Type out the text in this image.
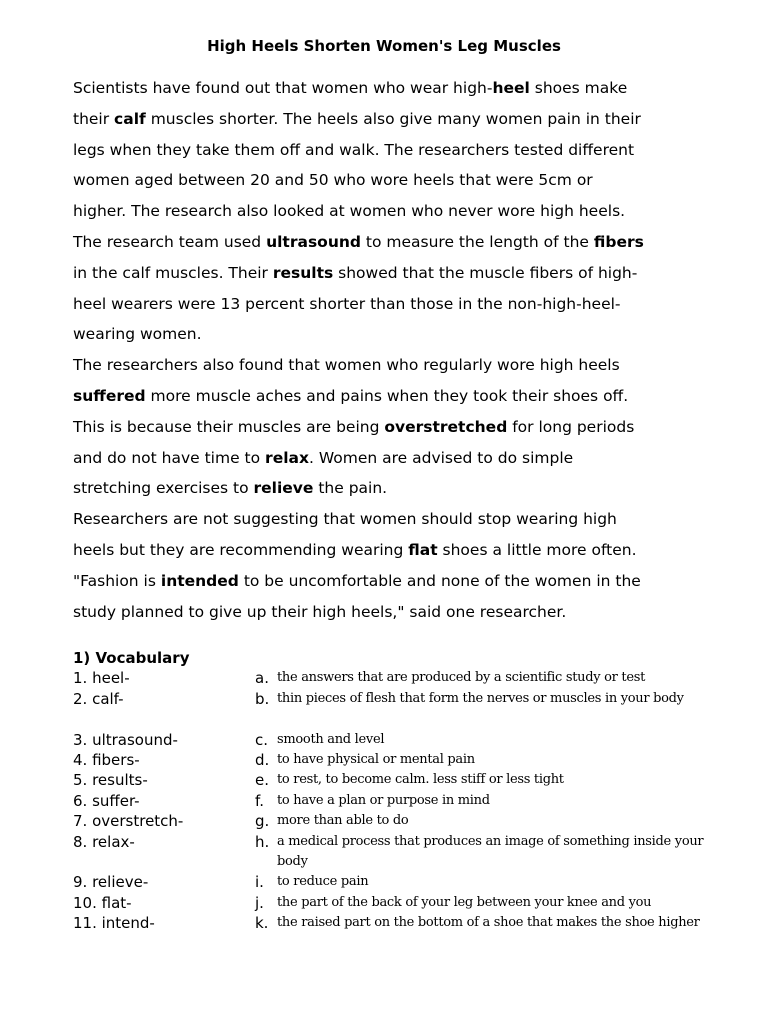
High Heels Shorten Women's Leg Muscles
Scientists have found out that women who wear high-heel shoes make
their calf muscles shorter. The heels also give many women pain in their
legs when they take them off and walk. The researchers tested different
women aged between 20 and 50 who wore heels that were 5cm or
higher. The research also looked at women who never wore high heels.
The research team used ultrasound to measure the length of the fibers
in the calf muscles. Their results showed that the muscle fibers of high-
heel wearers were 13 percent shorter than those in the non-high-heel-
wearing women.
The researchers also found that women who regularly wore high heels
suffered more muscle aches and pains when they took their shoes off.
This is because their muscles are being overstretched for long periods
and do not have time to relax. Women are advised to do simple
stretching exercises to relieve the pain.
Researchers are not suggesting that women should stop wearing high
heels but they are recommending wearing flat shoes a little more often.
"Fashion is intended to be uncomfortable and none of the women in the
study planned to give up their high heels," said one researcher.
1) Vocabulary
1. heel-
2. calf-
3. ultrasound-
4. fibers-
5. results-
6. suffer-
7. overstretch-
8. relax-
9. relieve-
10. flat-
11. intend-
a. the answers that are produced by a scientific study or test
b. thin pieces of flesh that form the nerves or muscles in your body
c. smooth and level
d. to have physical or mental pain
e. to rest, to become calm. less stiff or less tight
f. to have a plan or purpose in mind
g. more than able to do
h. a medical process that produces an image of something inside your body
i. to reduce pain
j. the part of the back of your leg between your knee and you
k. the raised part on the bottom of a shoe that makes the shoe higher
